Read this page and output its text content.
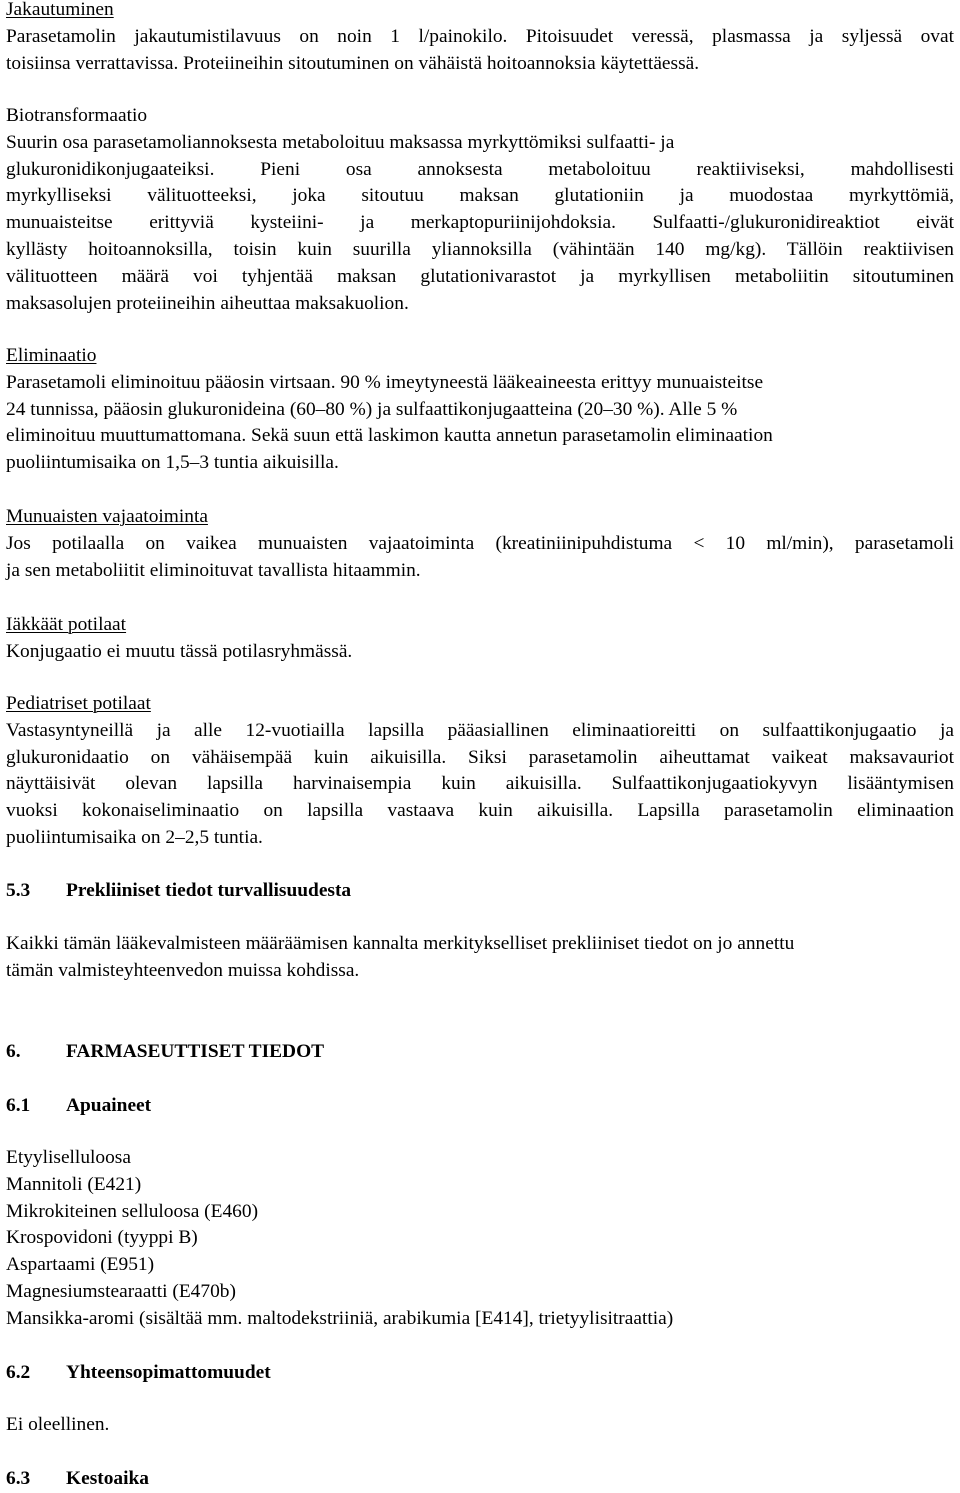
Jakautuminen
Parasetamolin jakautumistilavuus on noin 1 l/painokilo. Pitoisuudet veressä, plasmassa ja syljessä ovat
toisiinsa verrattavissa. Proteiineihin sitoutuminen on vähäistä hoitoannoksia käytettäessä.
Biotransformaatio
Suurin osa parasetamoliannoksesta metaboloituu maksassa myrkyttömiksi sulfaatti- ja
glukuronidikonjugaateiksi. Pieni osa annoksesta metaboloituu reaktiiviseksi, mahdollisesti
myrkylliseksi välituotteeksi, joka sitoutuu maksan glutationiin ja muodostaa myrkyttömiä,
munuaisteitse erittyviä kysteiini- ja merkaptopuriinijohdoksia. Sulfaatti-/glukuronidireaktiot eivät
kyllästy hoitoannoksilla, toisin kuin suurilla yliannoksilla (vähintään 140 mg/kg). Tällöin reaktiivisen
välituotteen määrä voi tyhjentää maksan glutationivarastot ja myrkyllisen metaboliitin sitoutuminen
maksasolujen proteiineihin aiheuttaa maksakuolion.
Eliminaatio
Parasetamoli eliminoituu pääosin virtsaan. 90 % imeytyneestä lääkeaineesta erittyy munuaisteitse
24 tunnissa, pääosin glukuronideina (60–80 %) ja sulfaattikonjugaatteina (20–30 %). Alle 5 %
eliminoituu muuttumattomana. Sekä suun että laskimon kautta annetun parasetamolin eliminaation
puoliintumisaika on 1,5–3 tuntia aikuisilla.
Munuaisten vajaatoiminta
Jos potilaalla on vaikea munuaisten vajaatoiminta (kreatiniinipuhdistuma < 10 ml/min), parasetamoli
ja sen metaboliitit eliminoituvat tavallista hitaammin.
Iäkkäät potilaat
Konjugaatio ei muutu tässä potilasryhmässä.
Pediatriset potilaat
Vastasyntyneillä ja alle 12-vuotiailla lapsilla pääasiallinen eliminaatioreitti on sulfaattikonjugaatio ja
glukuronidaatio on vähäisempää kuin aikuisilla. Siksi parasetamolin aiheuttamat vaikeat maksavauriot
näyttäisivät olevan lapsilla harvinaisempia kuin aikuisilla. Sulfaattikonjugaatiokyvyn lisääntymisen
vuoksi kokonaiseliminaatio on lapsilla vastaava kuin aikuisilla. Lapsilla parasetamolin eliminaation
puoliintumisaika on 2–2,5 tuntia.
5.3	Prekliiniset tiedot turvallisuudesta
Kaikki tämän lääkevalmisteen määräämisen kannalta merkitykselliset prekliiniset tiedot on jo annettu
tämän valmisteyhteenvedon muissa kohdissa.
6.	FARMASEUTTISET TIEDOT
6.1	Apuaineet
Etyyliselluloosa
Mannitoli (E421)
Mikrokiteinen selluloosa (E460)
Krospovidoni (tyyppi B)
Aspartaami (E951)
Magnesiumstearaatti (E470b)
Mansikka-aromi (sisältää mm. maltodekstriiniä, arabikumia [E414], trietyylisitraattia)
6.2	Yhteensopimattomuudet
Ei oleellinen.
6.3	Kestoaika
